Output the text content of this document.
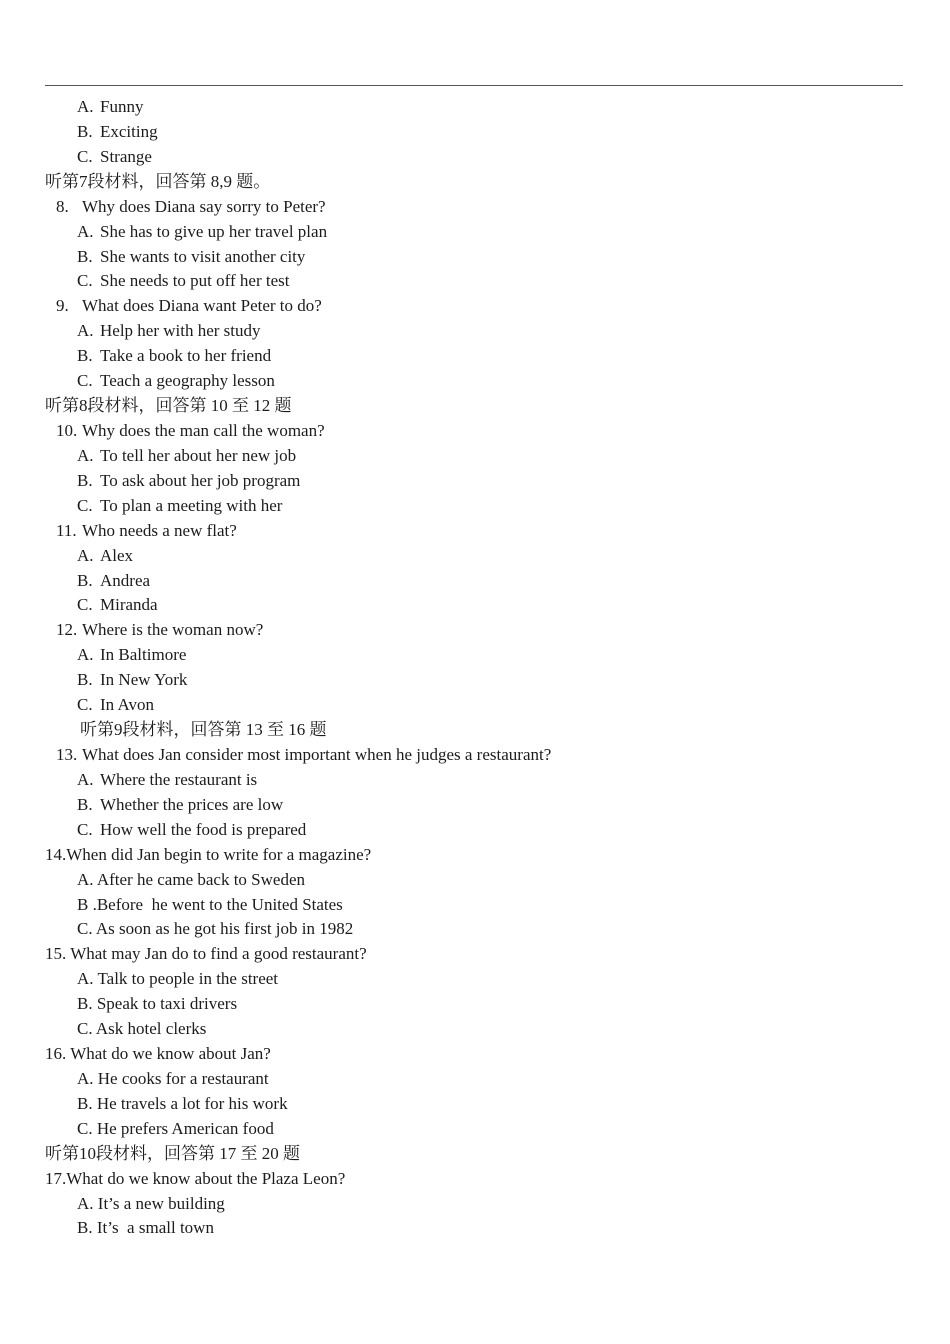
A. Funny
B. Exciting
C. Strange
听第7段材料，回答第 8,9 题。
8. Why does Diana say sorry to Peter?
A. She has to give up her travel plan
B. She wants to visit another city
C. She needs to put off her test
9. What does Diana want Peter to do?
A. Help her with her study
B. Take a book to her friend
C. Teach a geography lesson
听第8段材料，回答第 10 至 12 题
10. Why does the man call the woman?
A. To tell her about her new job
B. To ask about her job program
C. To plan a meeting with her
11. Who needs a new flat?
A. Alex
B. Andrea
C. Miranda
12. Where is the woman now?
A. In Baltimore
B. In New York
C. In Avon
听第9段材料，回答第 13 至 16 题
13. What does Jan consider most important when he judges a restaurant?
A. Where the restaurant is
B. Whether the prices are low
C. How well the food is prepared
14.When did Jan begin to write for a magazine?
A. After he came back to Sweden
B .Before  he went to the United States
C. As soon as he got his first job in 1982
15. What may Jan do to find a good restaurant?
A. Talk to people in the street
B. Speak to taxi drivers
C. Ask hotel clerks
16. What do we know about Jan?
A. He cooks for a restaurant
B. He travels a lot for his work
C. He prefers American food
听第10段材料，回答第 17 至 20 题
17.What do we know about the Plaza Leon?
A. It’s a new building
B. It’s  a small town
